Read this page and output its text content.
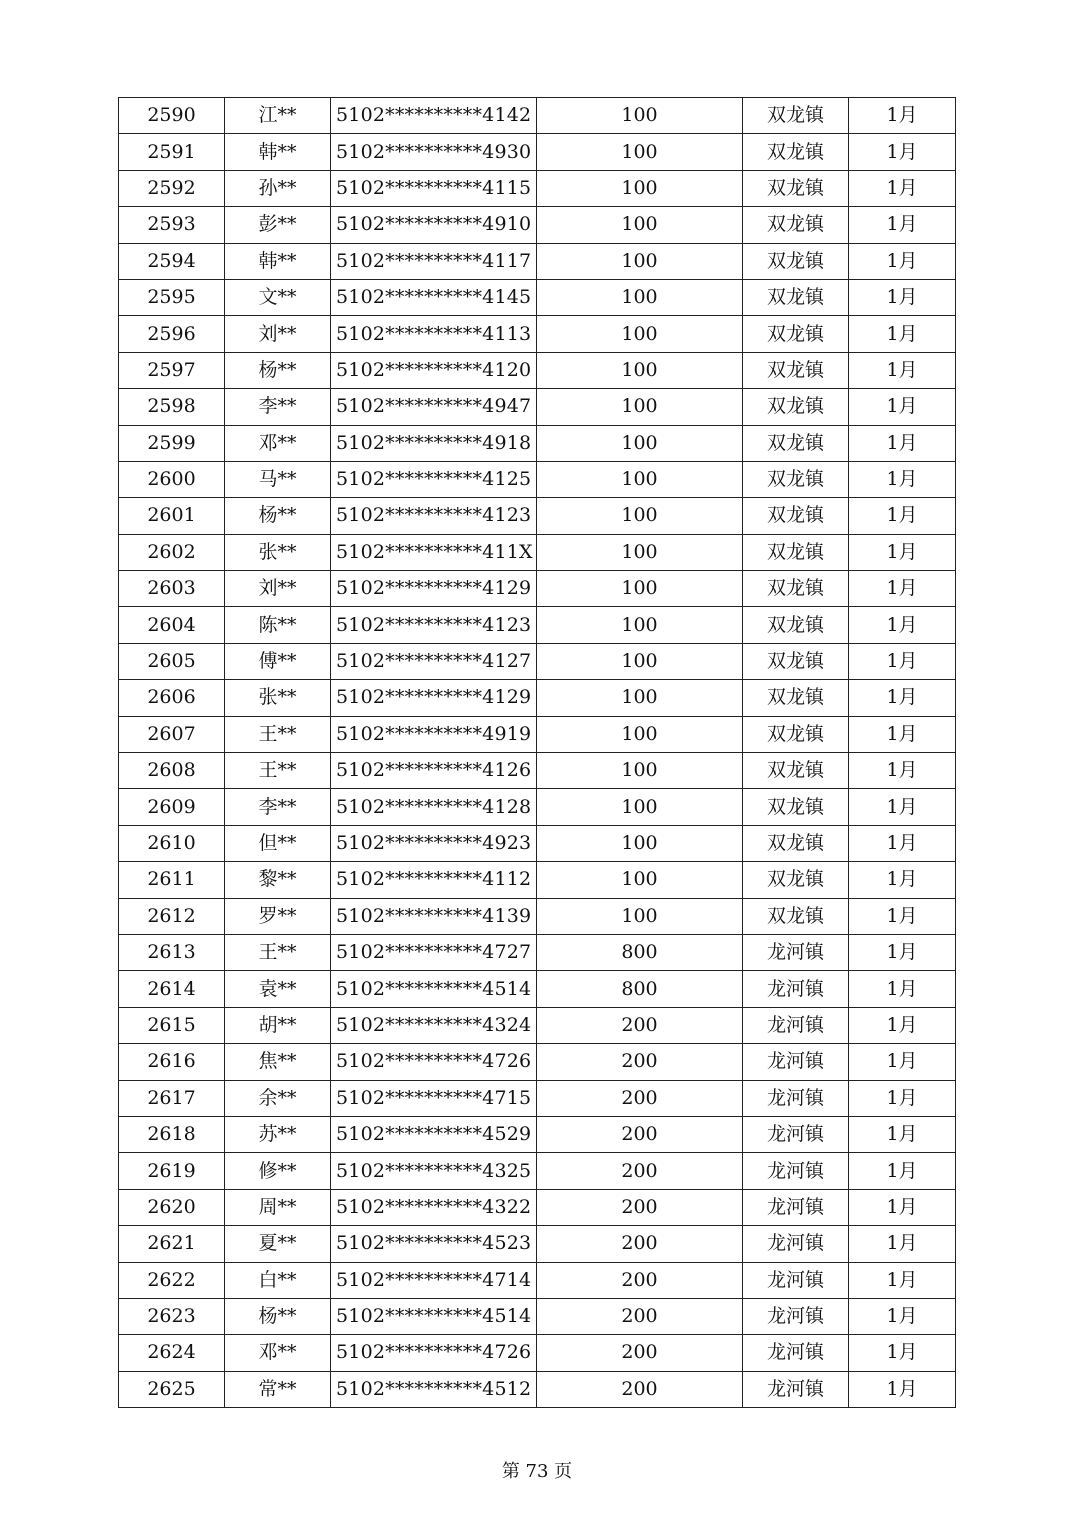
2590	江**	5102**********4142	100	双龙镇	1月
2591	韩**	5102**********4930	100	双龙镇	1月
2592	孙**	5102**********4115	100	双龙镇	1月
2593	彭**	5102**********4910	100	双龙镇	1月
2594	韩**	5102**********4117	100	双龙镇	1月
2595	文**	5102**********4145	100	双龙镇	1月
2596	刘**	5102**********4113	100	双龙镇	1月
2597	杨**	5102**********4120	100	双龙镇	1月
2598	李**	5102**********4947	100	双龙镇	1月
2599	邓**	5102**********4918	100	双龙镇	1月
2600	马**	5102**********4125	100	双龙镇	1月
2601	杨**	5102**********4123	100	双龙镇	1月
2602	张**	5102**********411X	100	双龙镇	1月
2603	刘**	5102**********4129	100	双龙镇	1月
2604	陈**	5102**********4123	100	双龙镇	1月
2605	傅**	5102**********4127	100	双龙镇	1月
2606	张**	5102**********4129	100	双龙镇	1月
2607	王**	5102**********4919	100	双龙镇	1月
2608	王**	5102**********4126	100	双龙镇	1月
2609	李**	5102**********4128	100	双龙镇	1月
2610	但**	5102**********4923	100	双龙镇	1月
2611	黎**	5102**********4112	100	双龙镇	1月
2612	罗**	5102**********4139	100	双龙镇	1月
2613	王**	5102**********4727	800	龙河镇	1月
2614	袁**	5102**********4514	800	龙河镇	1月
2615	胡**	5102**********4324	200	龙河镇	1月
2616	焦**	5102**********4726	200	龙河镇	1月
2617	余**	5102**********4715	200	龙河镇	1月
2618	苏**	5102**********4529	200	龙河镇	1月
2619	修**	5102**********4325	200	龙河镇	1月
2620	周**	5102**********4322	200	龙河镇	1月
2621	夏**	5102**********4523	200	龙河镇	1月
2622	白**	5102**********4714	200	龙河镇	1月
2623	杨**	5102**********4514	200	龙河镇	1月
2624	邓**	5102**********4726	200	龙河镇	1月
2625	常**	5102**********4512	200	龙河镇	1月
第 73 页
